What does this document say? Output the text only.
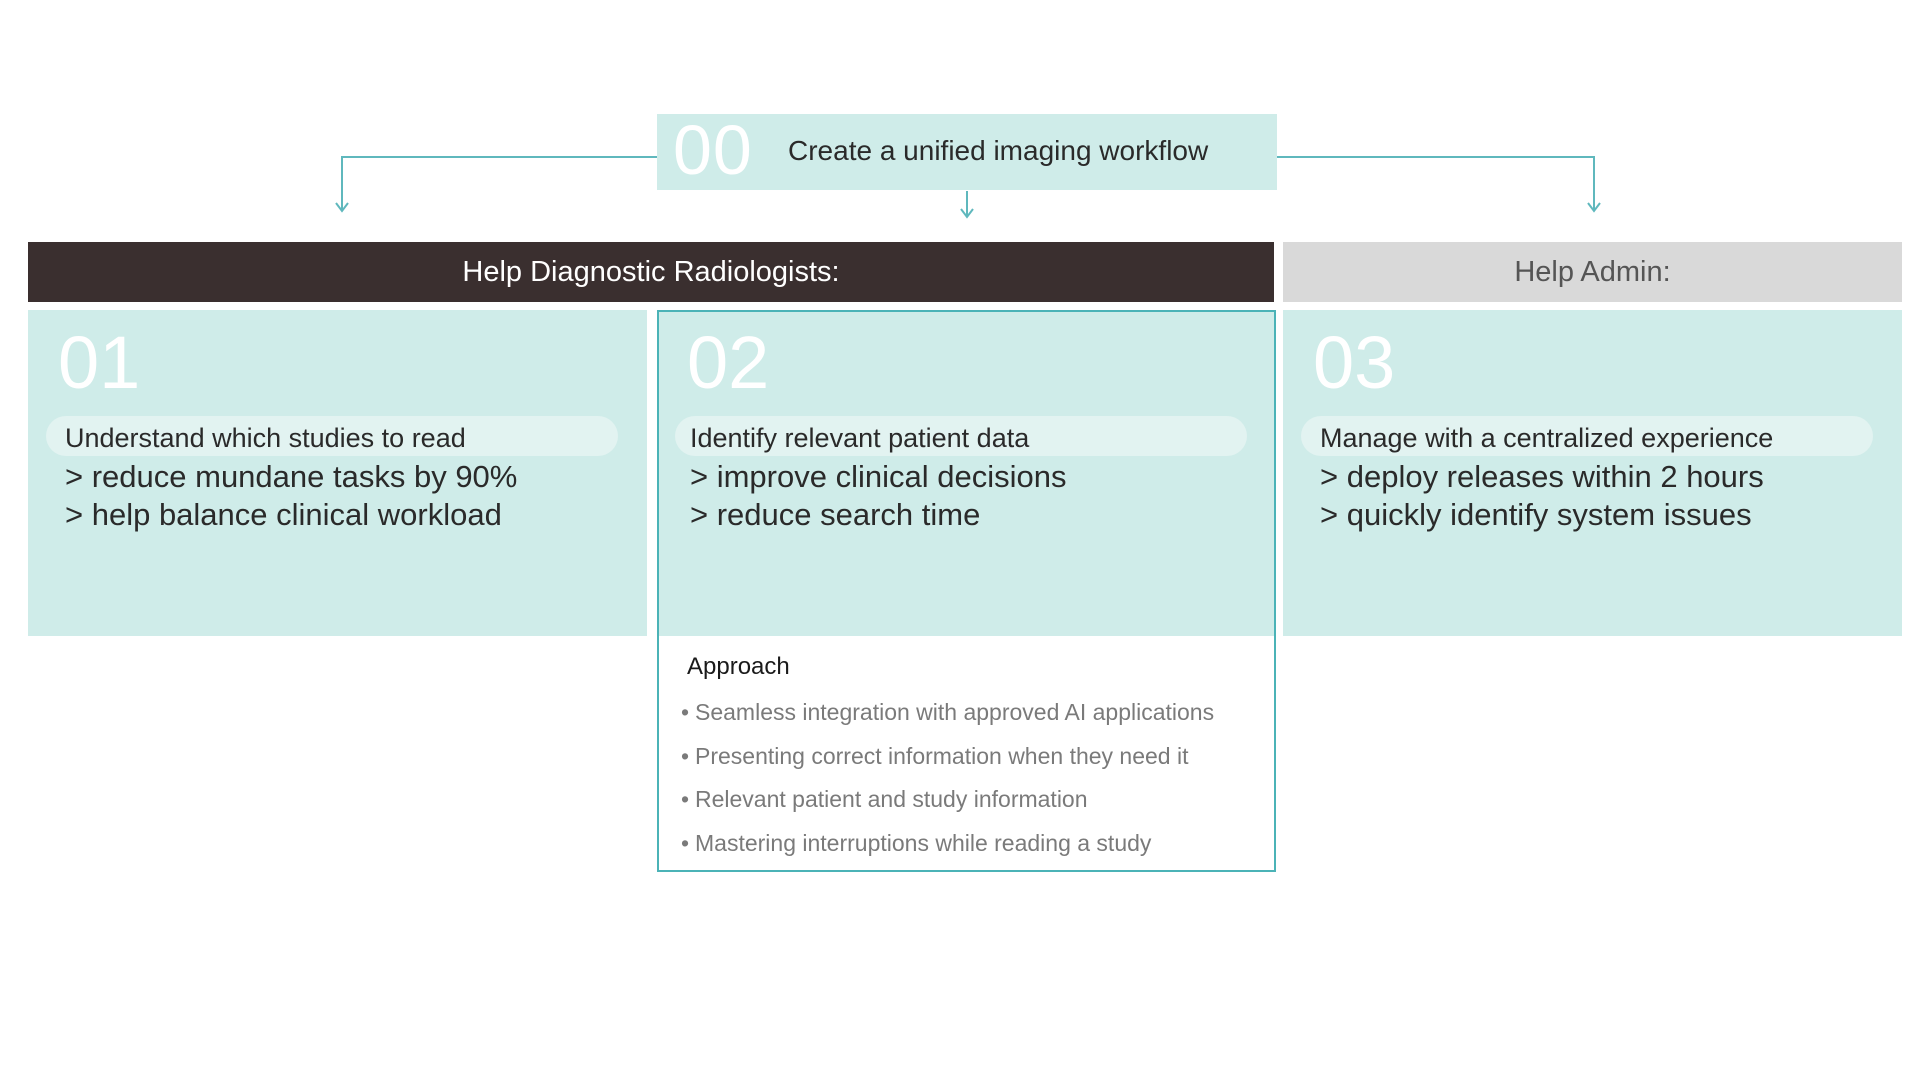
00 Create a unified imaging workflow
Help Diagnostic Radiologists:	Help Admin:
01
Understand which studies to read
> reduce mundane tasks by 90%
> help balance clinical workload
02
Identify relevant patient data
> improve clinical decisions
> reduce search time
03
Manage with a centralized experience
> deploy releases within 2 hours
> quickly identify system issues
Approach
• Seamless integration with approved AI applications
• Presenting correct information when they need it
• Relevant patient and study information
• Mastering interruptions while reading a study
